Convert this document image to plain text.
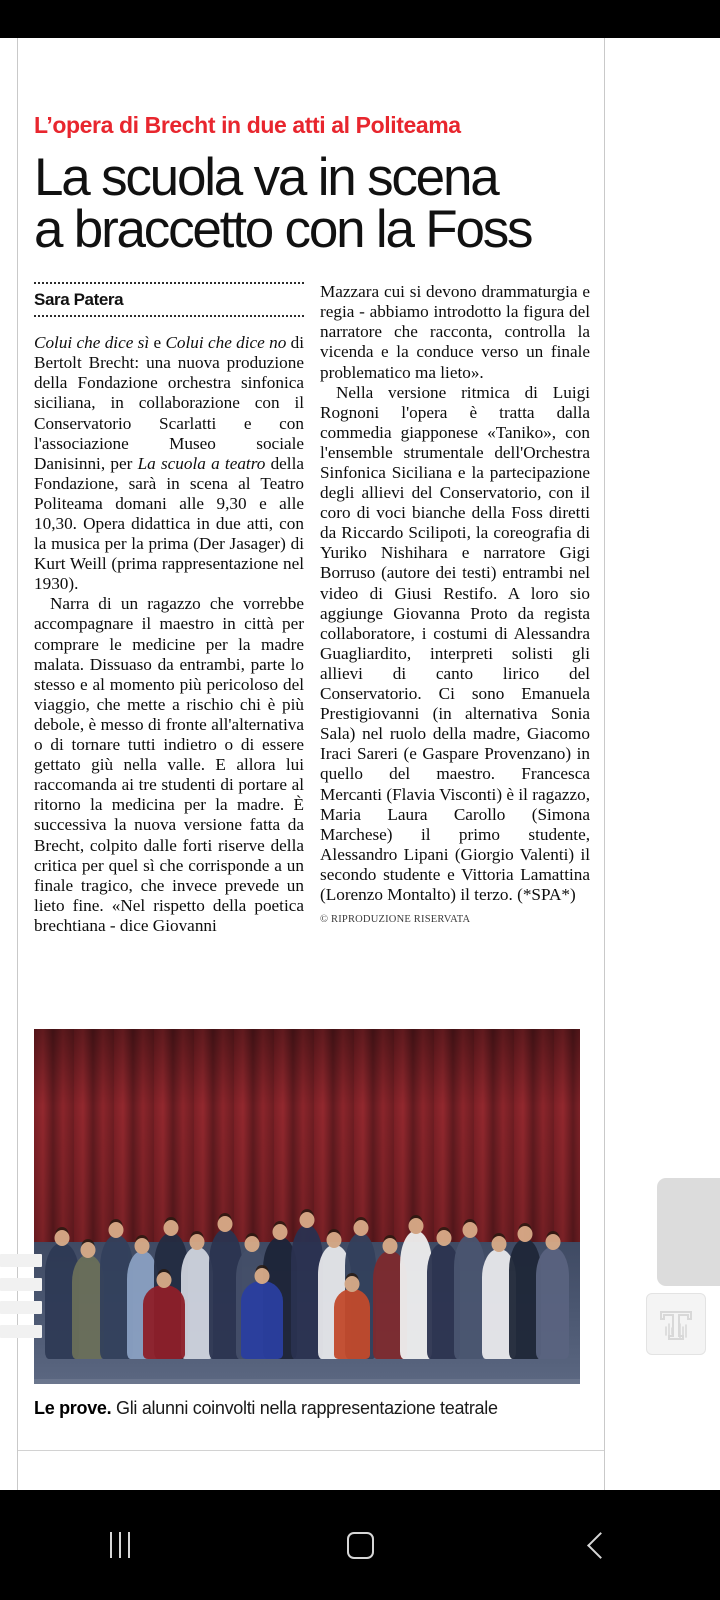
L’opera di Brecht in due atti al Politeama
La scuola va in scena
a braccetto con la Foss
Sara Patera

Colui che dice sì e Colui che dice no di Bertolt Brecht: una nuova produzione della Fondazione orchestra sinfonica siciliana, in collaborazione con il Conservatorio Scarlatti e con l'associazione Museo sociale Danisinni, per La scuola a teatro della Fondazione, sarà in scena al Teatro Politeama domani alle 9,30 e alle 10,30. Opera didattica in due atti, con la musica per la prima (Der Jasager) di Kurt Weill (prima rappresentazione nel 1930).

Narra di un ragazzo che vorrebbe accompagnare il maestro in città per comprare le medicine per la madre malata. Dissuaso da entrambi, parte lo stesso e al momento più pericoloso del viaggio, che mette a rischio chi è più debole, è messo di fronte all'alternativa o di tornare tutti indietro o di essere gettato giù nella valle. E allora lui raccomanda ai tre studenti di portare al ritorno la medicina per la madre. È successiva la nuova versione fatta da Brecht, colpito dalle forti riserve della critica per quel sì che corrisponde a un finale tragico, che invece prevede un lieto fine. «Nel rispetto della poetica brechtiana - dice Giovanni

Mazzara cui si devono drammaturgia e regia - abbiamo introdotto la figura del narratore che racconta, controlla la vicenda e la conduce verso un finale problematico ma lieto».

Nella versione ritmica di Luigi Rognoni l'opera è tratta dalla commedia giapponese «Taniko», con l'ensemble strumentale dell'Orchestra Sinfonica Siciliana e la partecipazione degli allievi del Conservatorio, con il coro di voci bianche della Foss diretti da Riccardo Scilipoti, la coreografia di Yuriko Nishihara e narratore Gigi Borruso (autore dei testi) entrambi nel video di Giusi Restifo. A loro sio aggiunge Giovanna Proto da regista collaboratore, i costumi di Alessandra Guagliardito, interpreti solisti gli allievi di canto lirico del Conservatorio. Ci sono Emanuela Prestigiovanni (in alternativa Sonia Sala) nel ruolo della madre, Giacomo Iraci Sareri (e Gaspare Provenzano) in quello del maestro. Francesca Mercanti (Flavia Visconti) è il ragazzo, Maria Laura Carollo (Simona Marchese) il primo studente, Alessandro Lipani (Giorgio Valenti) il secondo studente e Vittoria Lamattina (Lorenzo Montalto) il terzo. (*SPA*)

© RIPRODUZIONE RISERVATA
Le prove. Gli alunni coinvolti nella rappresentazione teatrale
